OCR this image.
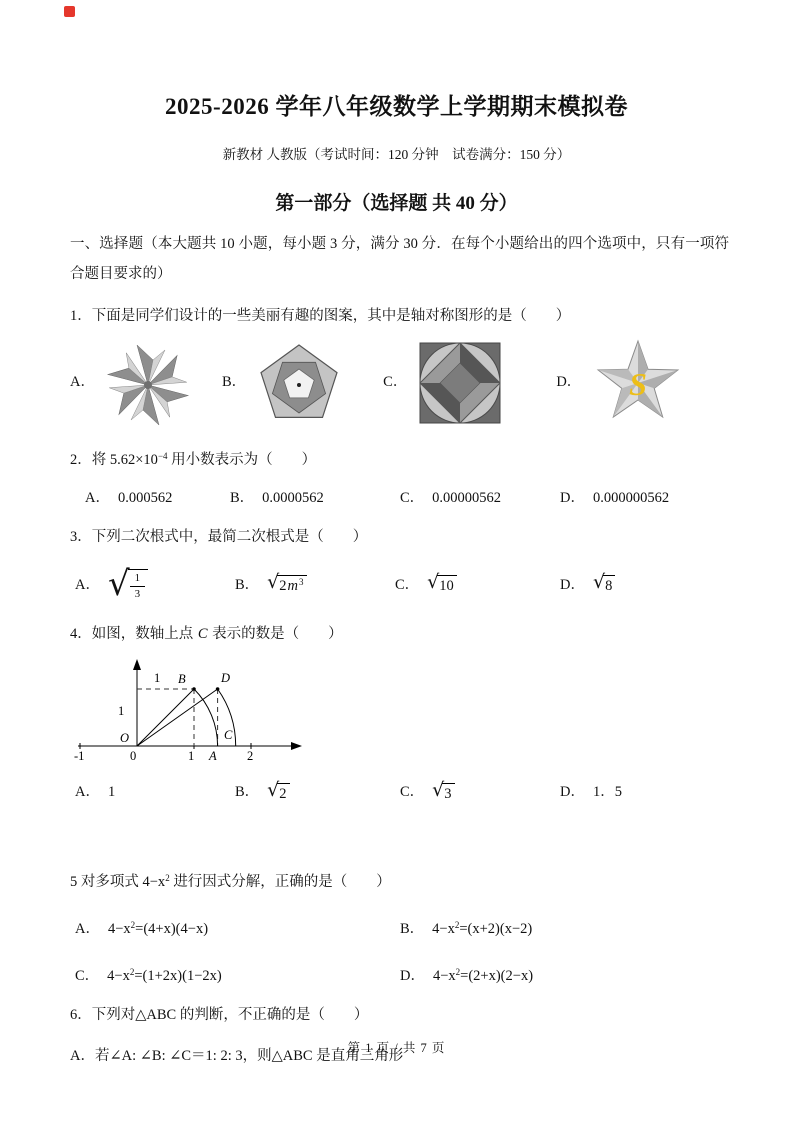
2025-2026 学年八年级数学上学期期末模拟卷
新教材 人教版（考试时间：120 分钟　试卷满分：150 分）
第一部分（选择题 共 40 分）

一、选择题（本大题共 10 小题，每小题 3 分，满分 30 分．在每个小题给出的四个选项中，只有一项符合题目要求的）

1．下面是同学们设计的一些美丽有趣的图案，其中是轴对称图形的是（　　）

A．	B．	C．	D． S

2．将 $5.62\times 10^{-4}$ 用小数表示为（　　）

A． 0.000562	B． 0.0000562	C． 0.00000562	D． 0.000000562

3．下列二次根式中，最简二次根式是（　　）

A． √ $\frac{1}{3}$	B． √ $2m^3$	C． √ 10	D． √ 8

4．如图，数轴上点 C 表示的数是（　　）

-1	0	1 A 2
C
B	D
1
1
O
A． 1	B． √ 2	C． √ 3	D． 1．5

5 对多项式 $4-x^2$ 进行因式分解，正确的是（　　）

A． $4-x^2=(4+x)(4-x)$	B． $4-x^2=(x+2)(x-2)$
C． $4-x^2=(1+2x)(1-2x)$	D． $4-x^2=(2+x)(2-x)$

6．下列对△ABC 的判断，不正确的是（　　）

A．若∠A: ∠B: ∠C＝1: 2: 3，则△ABC 是直角三角形

第 1 页 / 共 7 页
